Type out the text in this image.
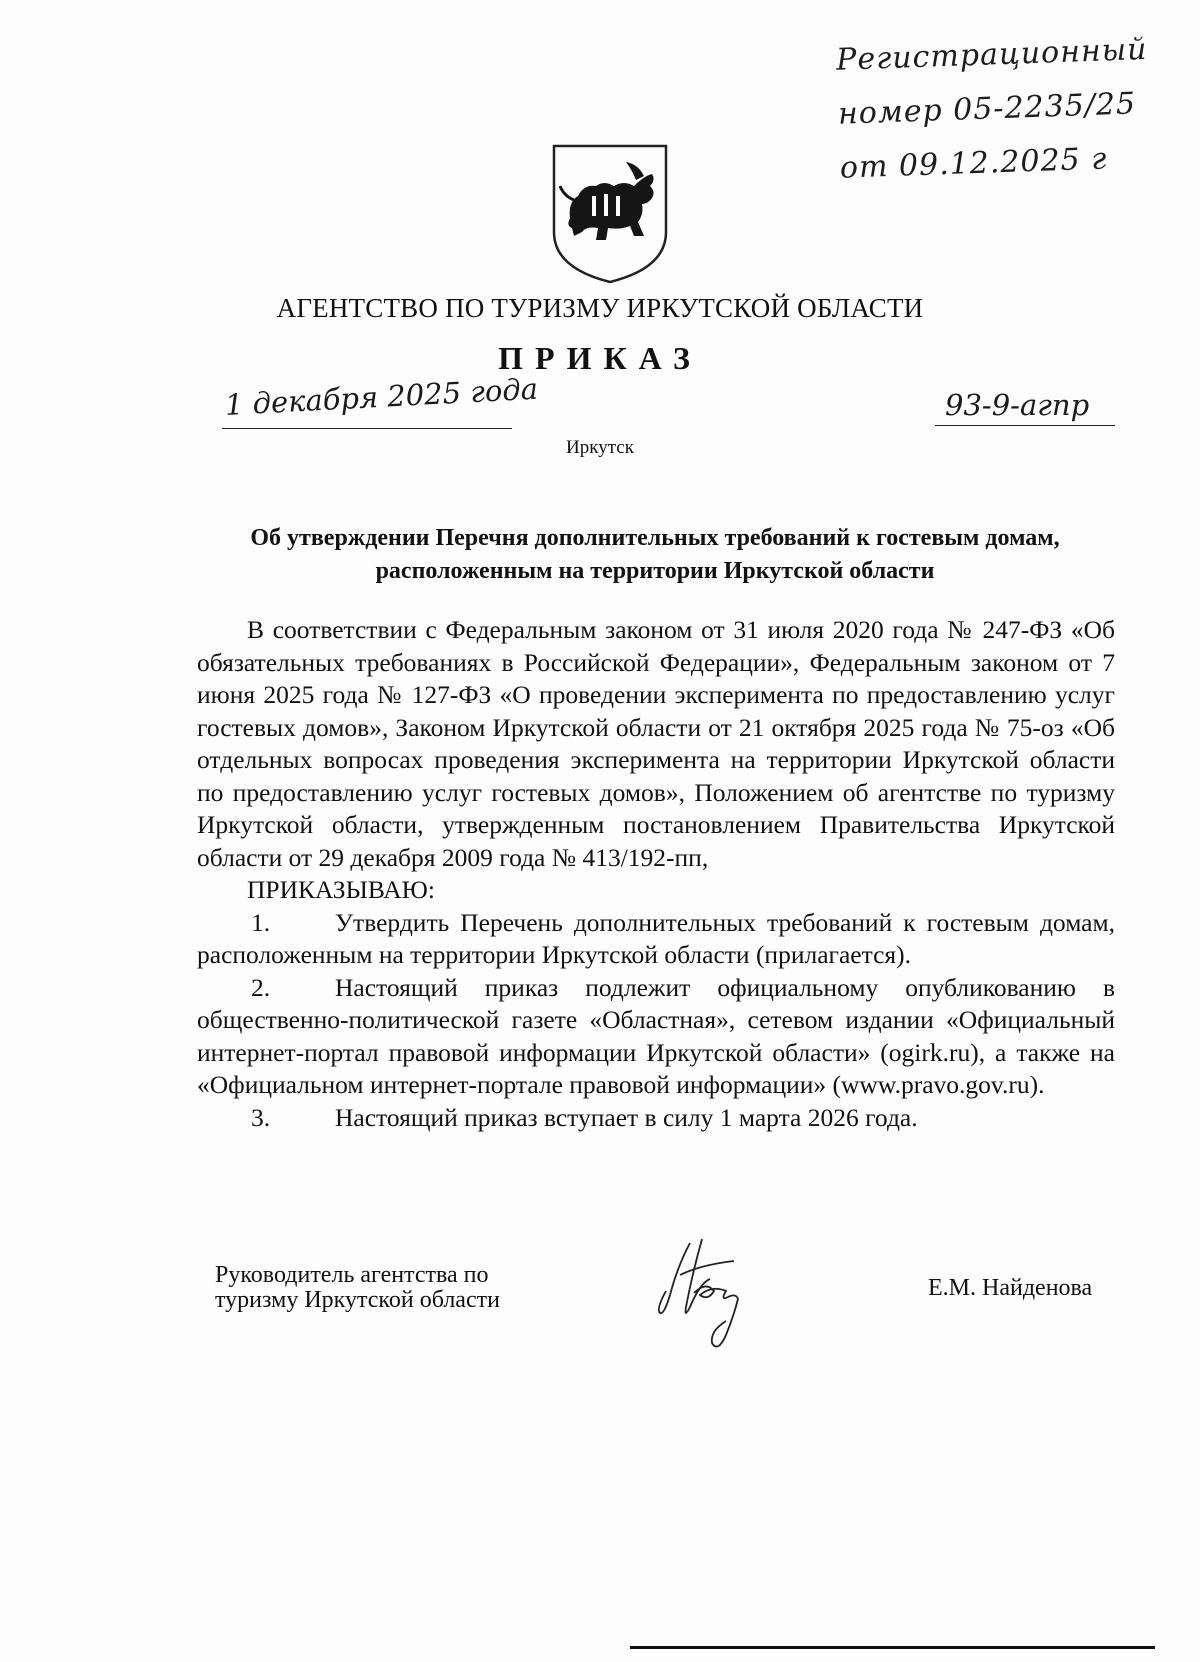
Регистрационный
номер 05-2235/25
от 09.12.2025 г
АГЕНТСТВО ПО ТУРИЗМУ ИРКУТСКОЙ ОБЛАСТИ
ПРИКАЗ
1 декабря 2025 года	93-9-агпр
Иркутск
Об утверждении Перечня дополнительных требований к гостевым домам,
расположенным на территории Иркутской области

В соответствии с Федеральным законом от 31 июля 2020 года № 247-ФЗ «Об обязательных требованиях в Российской Федерации», Федеральным законом от 7 июня 2025 года № 127-ФЗ «О проведении эксперимента по предоставлению услуг гостевых домов», Законом Иркутской области от 21 октября 2025 года № 75-оз «Об отдельных вопросах проведения эксперимента на территории Иркутской области по предоставлению услуг гостевых домов», Положением об агентстве по туризму Иркутской области, утвержденным постановлением Правительства Иркутской области от 29 декабря 2009 года № 413/192-пп,

ПРИКАЗЫВАЮ:

1.	Утвердить Перечень дополнительных требований к гостевым домам, расположенным на территории Иркутской области (прилагается).

2.	Настоящий приказ подлежит официальному опубликованию в общественно-политической газете «Областная», сетевом издании «Официальный интернет-портал правовой информации Иркутской области» (ogirk.ru), а также на «Официальном интернет-портале правовой информации» (www.pravo.gov.ru).

3.	Настоящий приказ вступает в силу 1 марта 2026 года.

Руководитель агентства по
туризму Иркутской области	Е.М. Найденова
